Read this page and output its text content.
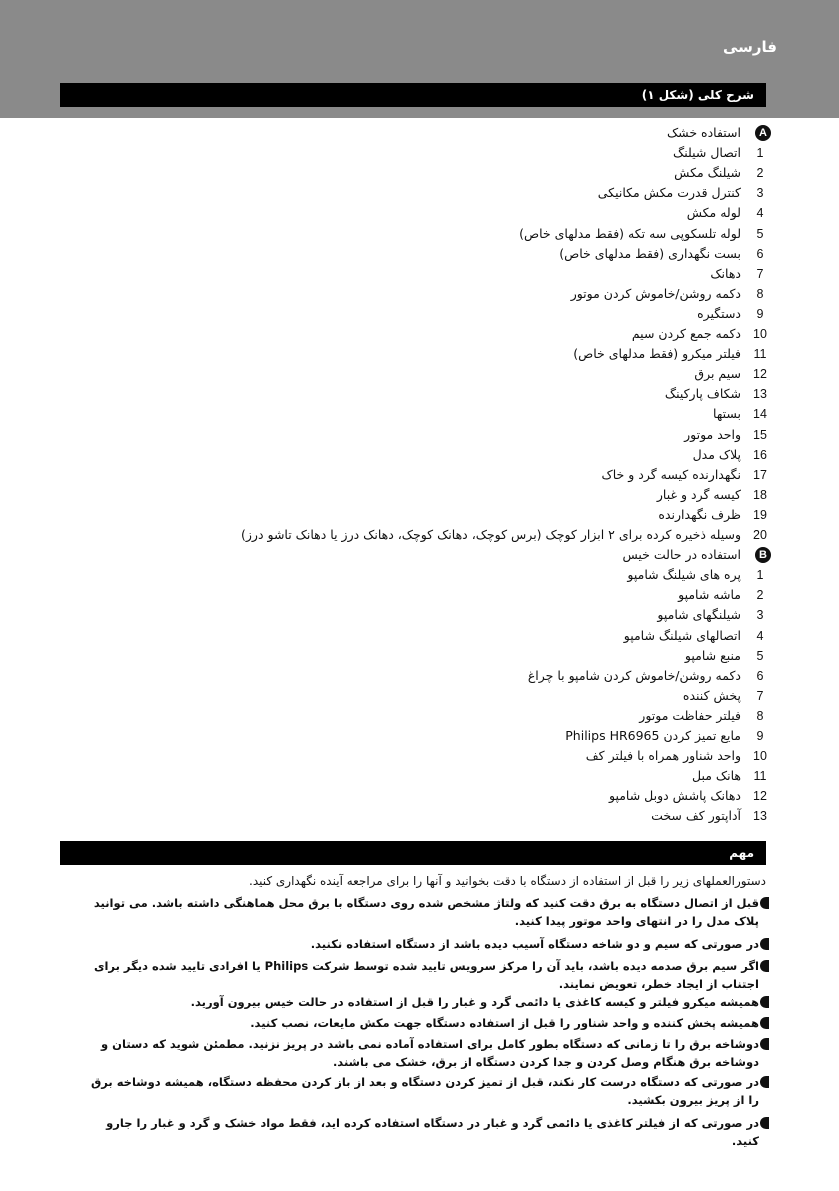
فارسی
شرح کلی (شکل ۱)
A
استفاده خشک
1
اتصال شیلنگ
2
شیلنگ مکش
3
کنترل قدرت مکش مکانیکی
4
لوله مکش
5
لوله تلسکوپی سه تکه (فقط مدلهای خاص)
6
بست نگهداری (فقط مدلهای خاص)
7
دهانک
8
دکمه روشن/خاموش کردن موتور
9
دستگیره
10
دکمه جمع کردن سیم
11
فیلتر میکرو (فقط مدلهای خاص)
12
سیم برق
13
شکاف پارکینگ
14
بستها
15
واحد موتور
16
پلاک مدل
17
نگهدارنده کیسه گرد و خاک
18
کیسه گرد و غبار
19
ظرف نگهدارنده
20
وسیله ذخیره کرده برای ۲ ابزار کوچک (برس کوچک، دهانک کوچک، دهانک درز یا دهانک تاشو درز)
B
استفاده در حالت خیس
1
پره های شیلنگ شامپو
2
ماشه شامپو
3
شیلنگهای شامپو
4
اتصالهای شیلنگ شامپو
5
منبع شامپو
6
دکمه روشن/خاموش کردن شامپو با چراغ
7
پخش کننده
8
فیلتر حفاظت موتور
9
مایع تمیز کردن Philips HR6965
10
واحد شناور همراه با فیلتر کف
11
هانک مبل
12
دهانک پاشش دوبل شامپو
13
آداپتور کف سخت
مهم
دستورالعملهای زیر را قبل از استفاده از دستگاه با دقت بخوانید و آنها را برای مراجعه آینده نگهداری کنید.
قبل از اتصال دستگاه به برق دقت کنید که ولتاژ مشخص شده روی دستگاه با برق محل هماهنگی داشته باشد. می توانید پلاک مدل را در انتهای واحد موتور پیدا کنید.
در صورتی که سیم و دو شاخه دستگاه آسیب دیده باشد از دستگاه استفاده نکنید.
اگر سیم برق صدمه دیده باشد، باید آن را مرکز سرویس تایید شده توسط شرکت Philips یا افرادی تایید شده دیگر برای اجتناب از ایجاد خطر، تعویض نمایند.
همیشه میکرو فیلتر و کیسه کاغذی یا دائمی گرد و غبار را قبل از استفاده در حالت خیس بیرون آورید.
همیشه پخش کننده و واحد شناور را قبل از استفاده دستگاه جهت مکش مایعات، نصب کنید.
دوشاخه برق را تا زمانی که دستگاه بطور کامل برای استفاده آماده نمی باشد در پریز نزنید. مطمئن شوید که دستان و دوشاخه برق هنگام وصل کردن و جدا کردن دستگاه از برق، خشک می باشند.
در صورتی که دستگاه درست کار نکند، قبل از تمیز کردن دستگاه و بعد از باز کردن محفظه دستگاه، همیشه دوشاخه برق را از پریز بیرون بکشید.
در صورتی که از فیلتر کاغذی یا دائمی گرد و غبار در دستگاه استفاده کرده اید، فقط مواد خشک و گرد و غبار را جارو کنید.
